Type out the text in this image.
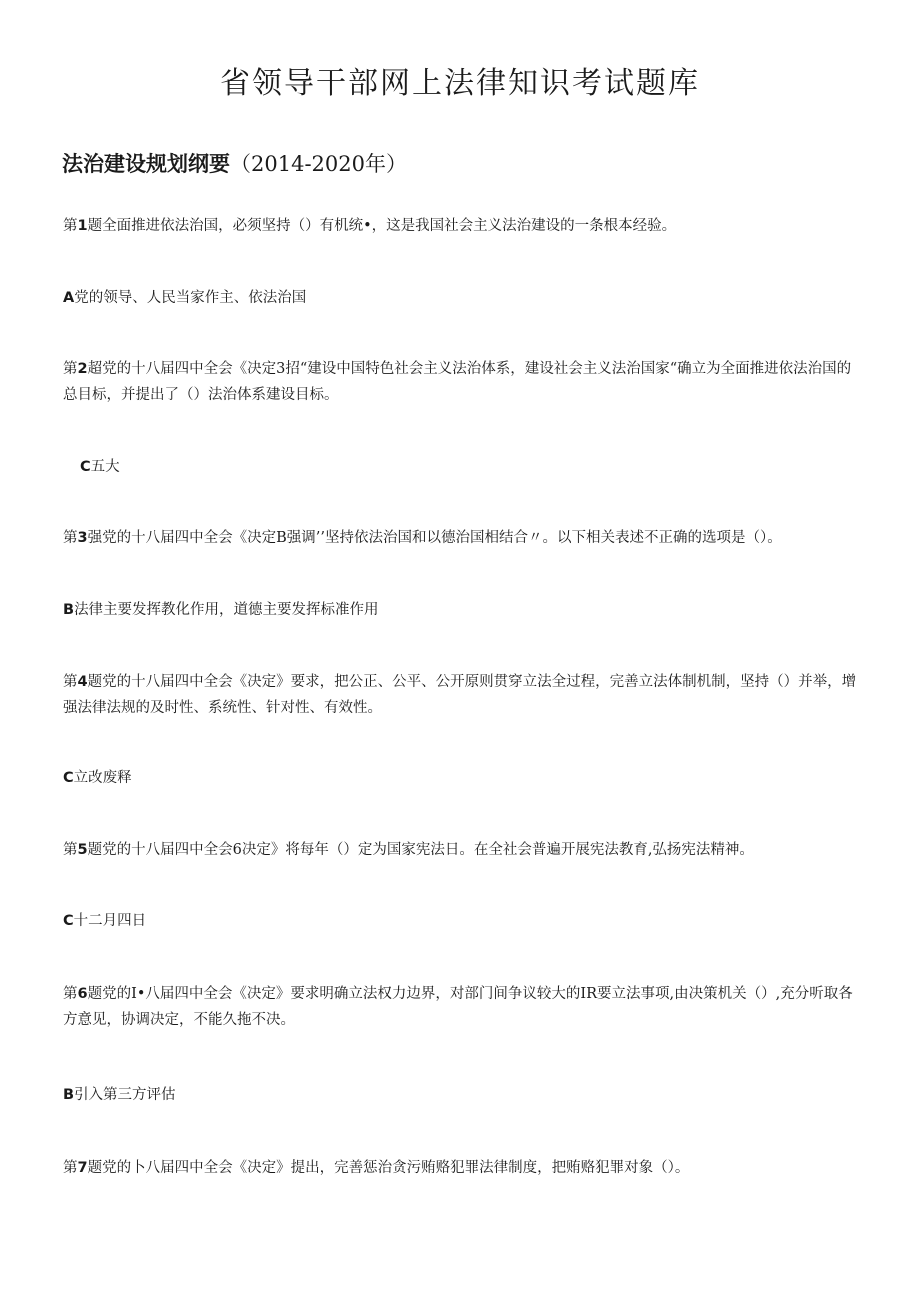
省领导干部网上法律知识考试题库
法治建设规划纲要（2014-2020年）

第1题全面推进依法治国，必须坚持（）有机统•，这是我国社会主义法治建设的一条根本经验。

A党的领导、人民当家作主、依法治国

第2超党的十八届四中全会《决定3招“建设中国特色社会主义法治体系，建设社会主义法治国家“确立为全面推进依法治国的总目标，并提出了（）法治体系建设目标。

C五大

第3强党的十八届四中全会《决定B强调’’坚持依法治国和以德治国相结合〃。以下相关表述不正确的选项是（）。

B法律主要发挥教化作用，道德主要发挥标准作用

第4题党的十八届四中全会《决定》要求，把公正、公平、公开原则贯穿立法全过程，完善立法体制机制，坚持（）并举，增强法律法规的及时性、系统性、针对性、有效性。

C立改废释

第5题党的十八届四中全会6决定》将每年（）定为国家宪法日。在全社会普遍开展宪法教育,弘扬宪法精神。

C十二月四日

第6题党的I•八届四中全会《决定》要求明确立法权力边界，对部门间争议较大的IR要立法事项,由决策机关（）,充分听取各方意见，协调决定，不能久拖不决。

B引入第三方评估

第7题党的卜八届四中全会《决定》提出，完善惩治贪污贿赂犯罪法律制度，把贿赂犯罪对象（）。
